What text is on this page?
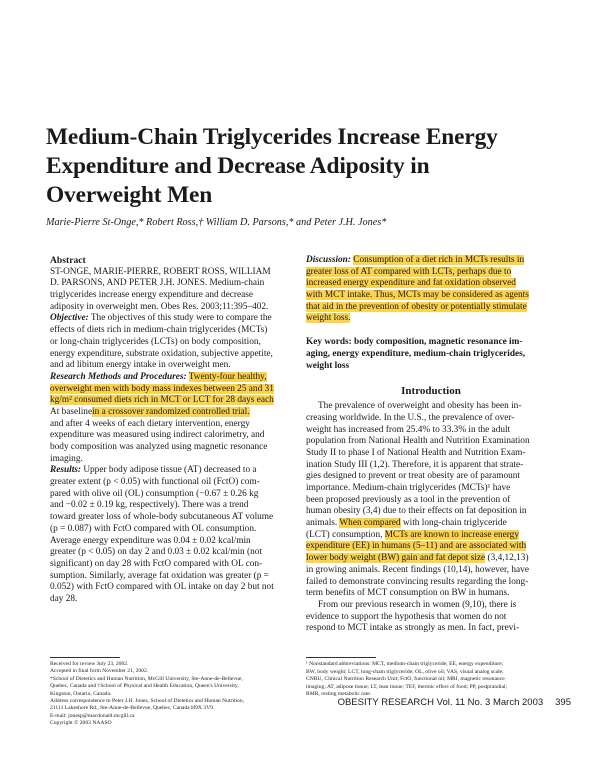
Medium-Chain Triglycerides Increase Energy
Expenditure and Decrease Adiposity in
Overweight Men
Marie-Pierre St-Onge,* Robert Ross,† William D. Parsons,* and Peter J.H. Jones*
Abstract
ST-ONGE, MARIE-PIERRE, ROBERT ROSS, WILLIAM
D. PARSONS, AND PETER J.H. JONES. Medium-chain
triglycerides increase energy expenditure and decrease
adiposity in overweight men. Obes Res. 2003;11:395–402.
Objective: The objectives of this study were to compare the
effects of diets rich in medium-chain triglycerides (MCTs)
or long-chain triglycerides (LCTs) on body composition,
energy expenditure, substrate oxidation, subjective appetite,
and ad libitum energy intake in overweight men.
Research Methods and Procedures: Twenty-four healthy,
overweight men with body mass indexes between 25 and 31
kg/m² consumed diets rich in MCT or LCT for 28 days each
At baselinein a crossover randomized controlled trial.
and after 4 weeks of each dietary intervention, energy
expenditure was measured using indirect calorimetry, and
body composition was analyzed using magnetic resonance
imaging.
Results: Upper body adipose tissue (AT) decreased to a
greater extent (p < 0.05) with functional oil (FctO) com-
pared with olive oil (OL) consumption (−0.67 ± 0.26 kg
and −0.02 ± 0.19 kg, respectively). There was a trend
toward greater loss of whole-body subcutaneous AT volume
(p = 0.087) with FctO compared with OL consumption.
Average energy expenditure was 0.04 ± 0.02 kcal/min
greater (p < 0.05) on day 2 and 0.03 ± 0.02 kcal/min (not
significant) on day 28 with FctO compared with OL con-
sumption. Similarly, average fat oxidation was greater (p =
0.052) with FctO compared with OL intake on day 2 but not
day 28.
Discussion: Consumption of a diet rich in MCTs results in
greater loss of AT compared with LCTs, perhaps due to
increased energy expenditure and fat oxidation observed
with MCT intake. Thus, MCTs may be considered as agents
that aid in the prevention of obesity or potentially stimulate
weight loss.
Key words: body composition, magnetic resonance im-
aging, energy expenditure, medium-chain triglycerides,
weight loss
Introduction
The prevalence of overweight and obesity has been in-
creasing worldwide. In the U.S., the prevalence of over-
weight has increased from 25.4% to 33.3% in the adult
population from National Health and Nutrition Examination
Study II to phase I of National Health and Nutrition Exam-
ination Study III (1,2). Therefore, it is apparent that strate-
gies designed to prevent or treat obesity are of paramount
importance. Medium-chain triglycerides (MCTs)¹ have
been proposed previously as a tool in the prevention of
human obesity (3,4) due to their effects on fat deposition in
animals. When compared with long-chain triglyceride
(LCT) consumption, MCTs are known to increase energy
expenditure (EE) in humans (5–11) and are associated with
lower body weight (BW) gain and fat depot size (3,4,12,13)
in growing animals. Recent findings (10,14), however, have
failed to demonstrate convincing results regarding the long-
term benefits of MCT consumption on BW in humans.
From our previous research in women (9,10), there is
evidence to support the hypothesis that women do not
respond to MCT intake as strongly as men. In fact, previ-
Received for review July 23, 2002.
Accepted in final form November 21, 2002.
*School of Dietetics and Human Nutrition, McGill University, Ste-Anne-de-Bellevue,
Quebec, Canada and †School of Physical and Health Education, Queen's University,
Kingston, Ontario, Canada.
Address correspondence to Peter J.H. Jones, School of Dietetics and Human Nutrition,
21111 Lakeshore Rd., Ste-Anne-de-Bellevue, Quebec, Canada H9X 3V9.
E-mail: jonesp@macdonald.mcgill.ca
Copyright © 2003 NAASO
¹ Nonstandard abbreviations: MCT, medium-chain triglyceride; EE, energy expenditure;
BW, body weight; LCT, long-chain triglyceride; OL, olive oil; VAS, visual analog scale;
CNRU, Clinical Nutrition Research Unit; FctO, functional oil; MRI, magnetic resonance
imaging; AT, adipose tissue; LT, lean tissue; TEF, thermic effect of food; PP, postprandial;
RMR, resting metabolic rate.
OBESITY RESEARCH Vol. 11 No. 3 March 2003 395
